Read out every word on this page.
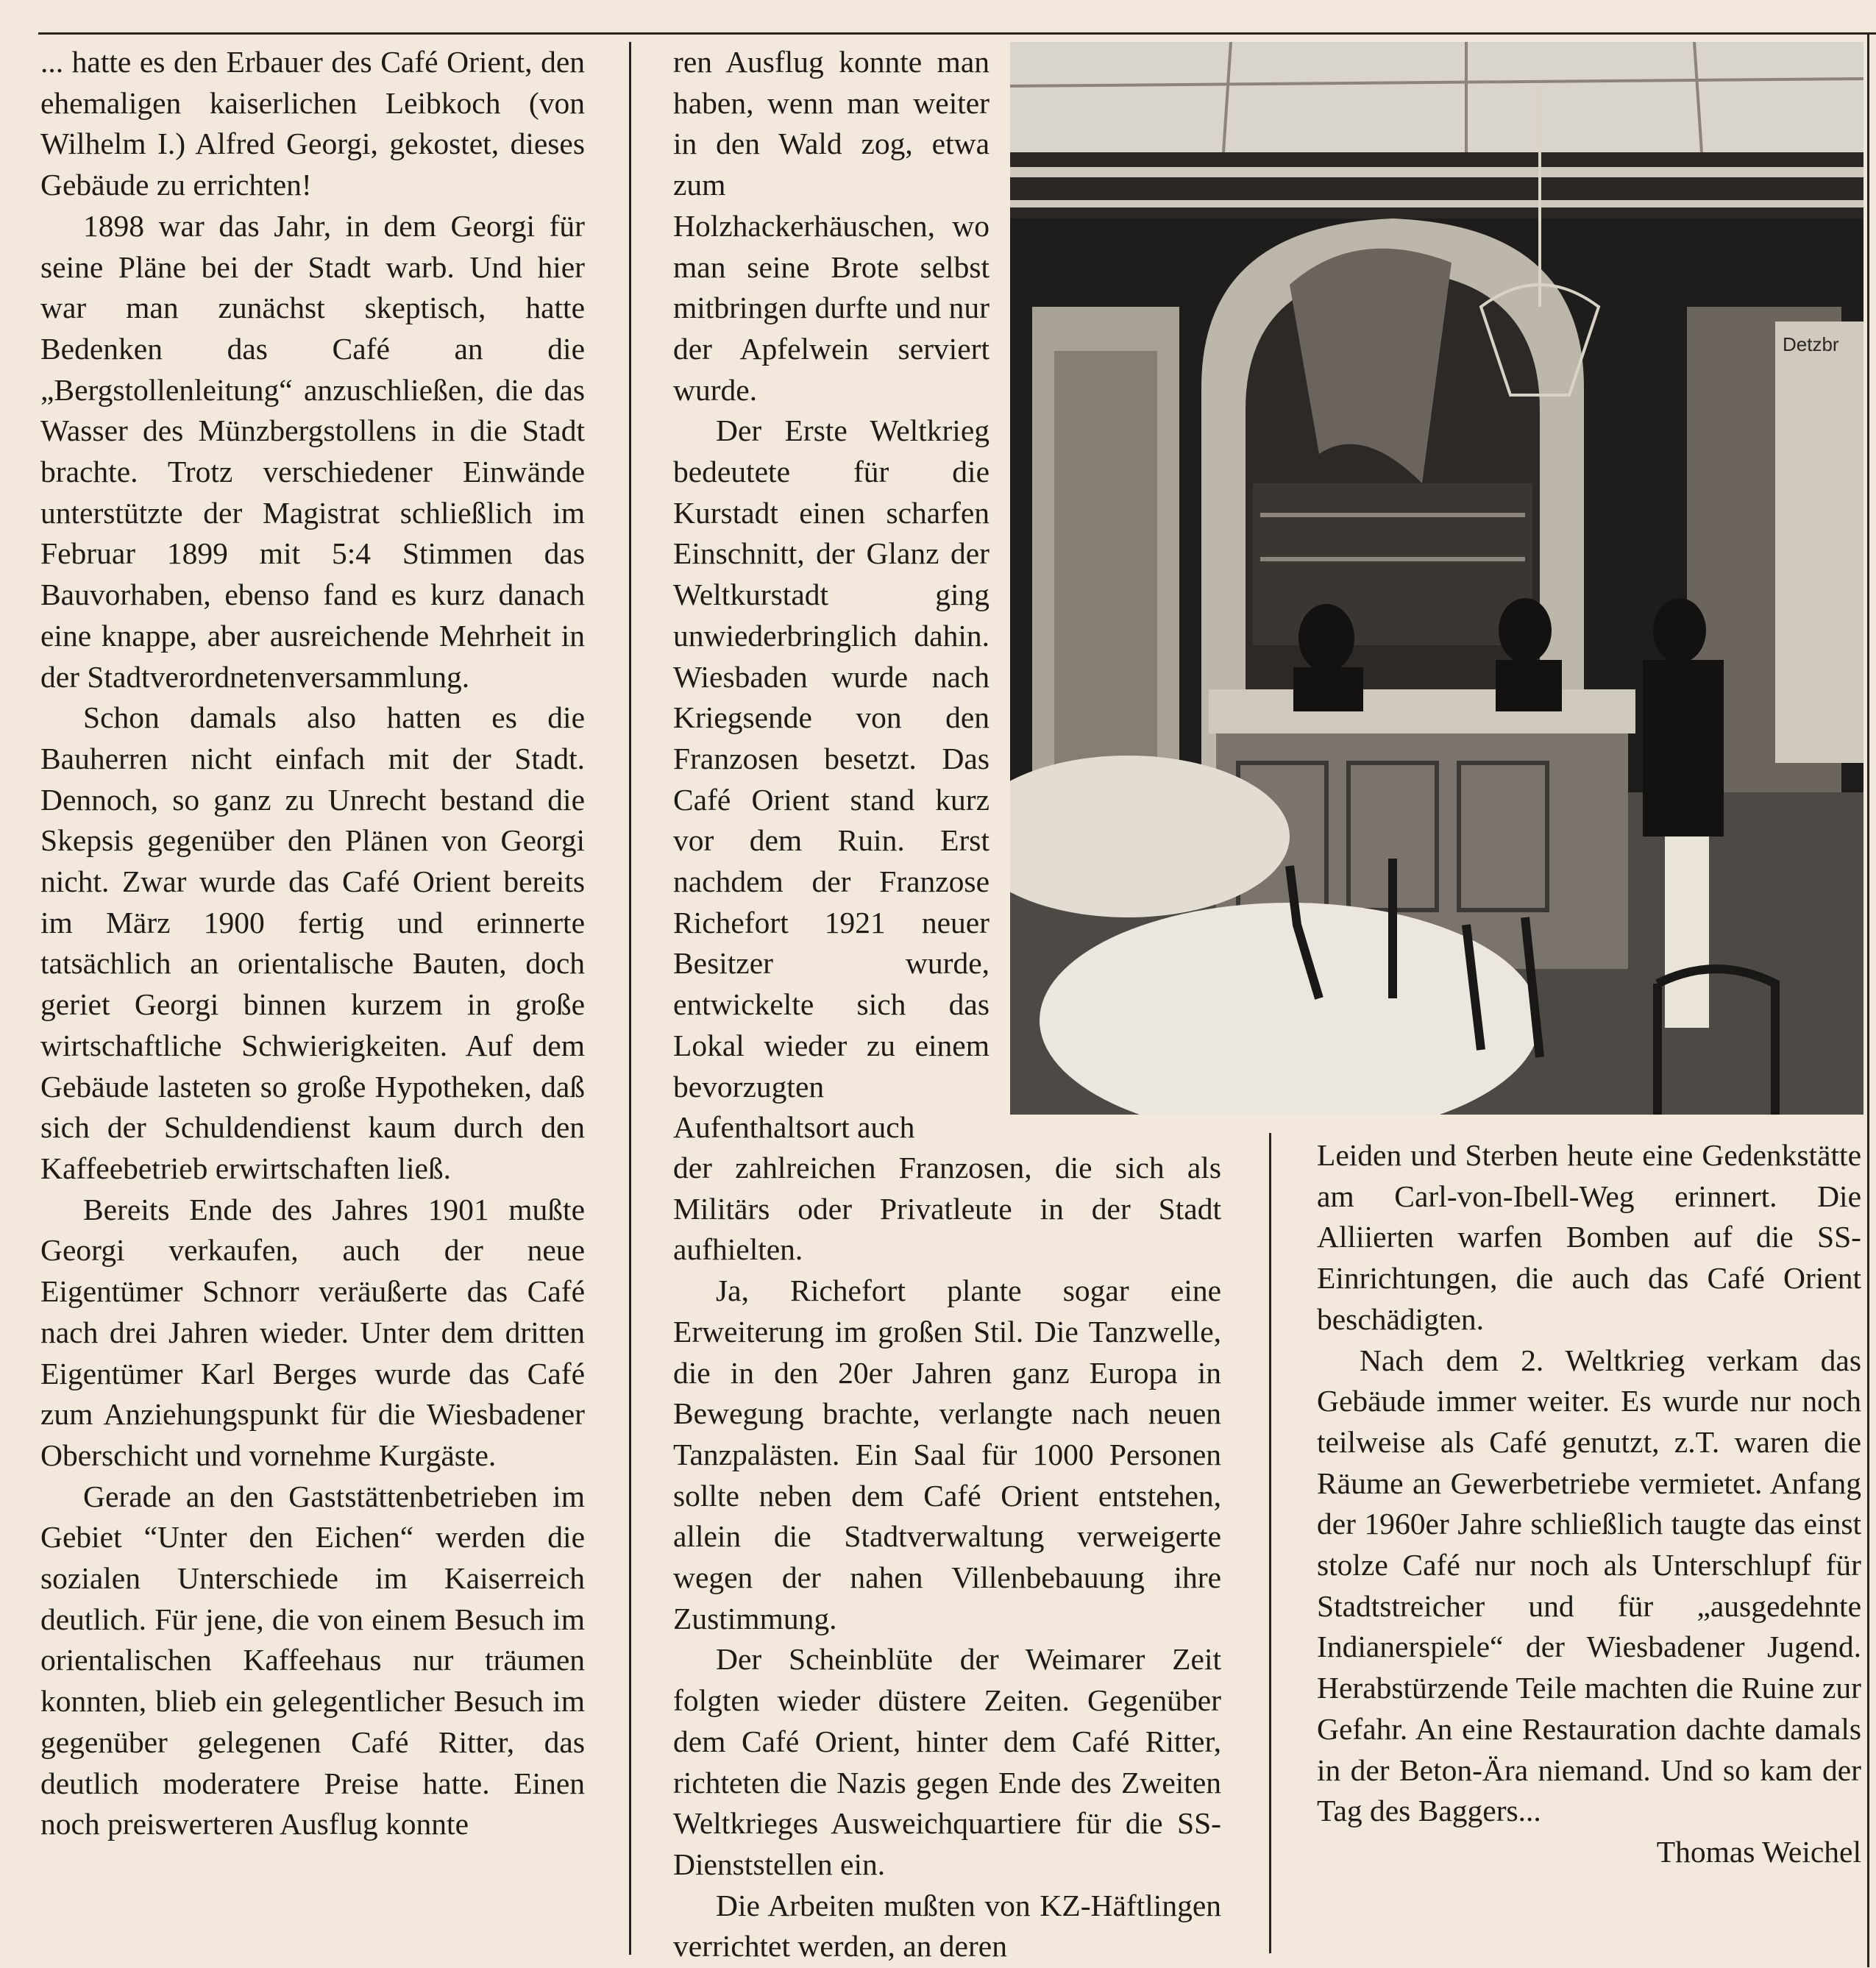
... hatte es den Erbauer des Café Orient, den ehemaligen kaiserlichen Leibkoch (von Wilhelm I.) Alfred Georgi, gekostet, dieses Gebäude zu errichten!

1898 war das Jahr, in dem Georgi für seine Pläne bei der Stadt warb. Und hier war man zunächst skeptisch, hatte Bedenken das Café an die „Bergstollenleitung“ anzuschließen, die das Wasser des Münzbergstollens in die Stadt brachte. Trotz verschiedener Einwände unterstützte der Magistrat schließlich im Februar 1899 mit 5:4 Stimmen das Bauvorhaben, ebenso fand es kurz danach eine knappe, aber ausreichende Mehrheit in der Stadtverordnetenversammlung.

Schon damals also hatten es die Bauherren nicht einfach mit der Stadt. Dennoch, so ganz zu Unrecht bestand die Skepsis gegenüber den Plänen von Georgi nicht. Zwar wurde das Café Orient bereits im März 1900 fertig und erinnerte tatsächlich an orientalische Bauten, doch geriet Georgi binnen kurzem in große wirtschaftliche Schwierigkeiten. Auf dem Gebäude lasteten so große Hypotheken, daß sich der Schuldendienst kaum durch den Kaffeebetrieb erwirtschaften ließ.

Bereits Ende des Jahres 1901 mußte Georgi verkaufen, auch der neue Eigentümer Schnorr veräußerte das Café nach drei Jahren wieder. Unter dem dritten Eigentümer Karl Berges wurde das Café zum Anziehungspunkt für die Wiesbadener Oberschicht und vornehme Kurgäste.

Gerade an den Gaststättenbetrieben im Gebiet “Unter den Eichen“ werden die sozialen Unterschiede im Kaiserreich deutlich. Für jene, die von einem Besuch im orientalischen Kaffeehaus nur träumen konnten, blieb ein gelegentlicher Besuch im gegenüber gelegenen Café Ritter, das deutlich moderatere Preise hatte. Einen noch preiswerteren Ausflug konnte

ren Ausflug konnte man haben, wenn man weiter in den Wald zog, etwa zum Holzhackerhäuschen, wo man seine Brote selbst mitbringen durfte und nur der Apfelwein serviert wurde.

Der Erste Weltkrieg bedeutete für die Kurstadt einen scharfen Einschnitt, der Glanz der Weltkurstadt ging unwiederbringlich dahin. Wiesbaden wurde nach Kriegsende von den Franzosen besetzt. Das Café Orient stand kurz vor dem Ruin. Erst nachdem der Franzose Richefort 1921 neuer Besitzer wurde, entwickelte sich das Lokal wieder zu einem bevorzugten Aufenthaltsort auch

der zahlreichen Franzosen, die sich als Militärs oder Privatleute in der Stadt aufhielten.

Ja, Richefort plante sogar eine Erweiterung im großen Stil. Die Tanzwelle, die in den 20er Jahren ganz Europa in Bewegung brachte, verlangte nach neuen Tanzpalästen. Ein Saal für 1000 Personen sollte neben dem Café Orient entstehen, allein die Stadtverwaltung verweigerte wegen der nahen Villenbebauung ihre Zustimmung.

Der Scheinblüte der Weimarer Zeit folgten wieder düstere Zeiten. Gegenüber dem Café Orient, hinter dem Café Ritter, richteten die Nazis gegen Ende des Zweiten Weltkrieges Ausweichquartiere für die SS-Dienststellen ein.

Die Arbeiten mußten von KZ-Häftlingen verrichtet werden, an deren

Leiden und Sterben heute eine Gedenkstätte am Carl-von-Ibell-Weg erinnert. Die Alliierten warfen Bomben auf die SS-Einrichtungen, die auch das Café Orient beschädigten.

Nach dem 2. Weltkrieg verkam das Gebäude immer weiter. Es wurde nur noch teilweise als Café genutzt, z.T. waren die Räume an Gewerbetriebe vermietet. Anfang der 1960er Jahre schließlich taugte das einst stolze Café nur noch als Unterschlupf für Stadtstreicher und für „ausgedehnte Indianerspiele“ der Wiesbadener Jugend. Herabstürzende Teile machten die Ruine zur Gefahr. An eine Restauration dachte damals in der Beton-Ära niemand. Und so kam der Tag des Baggers...

Thomas Weichel

Detzbr
